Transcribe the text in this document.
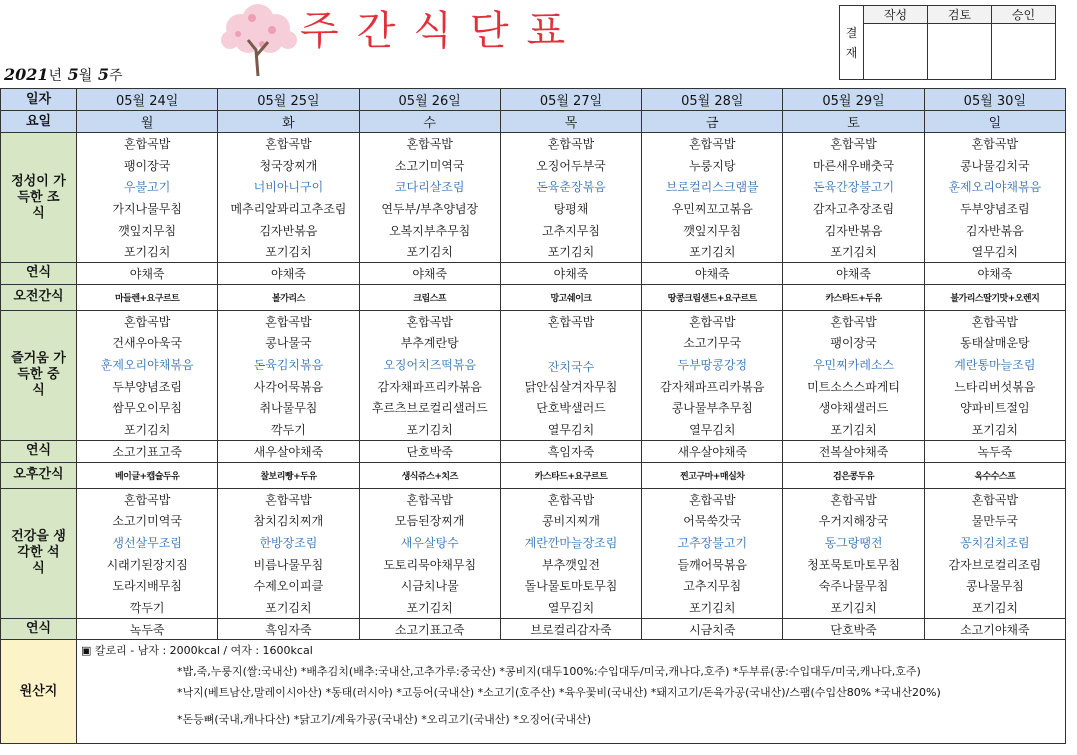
주간식단표	결 재	작성	검토	승인

2021년 5월 5주
일자	05월 24일	05월 25일	05월 26일	05월 27일	05월 28일	05월 29일	05월 30일
요일	월	화	수	목	금	토	일
정성이 가득한 조 식	혼합곡밥	혼합곡밥	혼합곡밥	혼합곡밥	혼합곡밥	혼합곡밥	혼합곡밥
	팽이장국	청국장찌개	소고기미역국	오징어두부국	누룽지탕	마른새우배춧국	콩나물김치국
	우불고기	너비아니구이	코다리살조림	돈육춘장볶음	브로컬리스크램블	돈육간장불고기	훈제오리야채볶음
	가지나물무침	메추리알꽈리고추조림	연두부/부추양념장	탕평채	우민찌꼬고볶음	감자고추장조림	두부양념조림
	깻잎지무침	김자반볶음	오복지부추무침	고추지무침	깻잎지무침	김자반볶음	김자반볶음
	포기김치	포기김치	포기김치	포기김치	포기김치	포기김치	열무김치
연식	야채죽	야채죽	야채죽	야채죽	야채죽	야채죽	야채죽
오전간식	마들렌+요구르트	볼가리스	크림스프	망고쉐이크	땅콩크림샌드+요구르트	카스타드+두유	불가리스딸기맛+오렌지
즐거움 가득한 중 식	혼합곡밥	혼합곡밥	혼합곡밥	혼합곡밥	혼합곡밥	혼합곡밥	혼합곡밥
	건새우아욱국	콩나물국	부추계란탕		소고기무국	팽이장국	동태살매운탕
	훈제오리야채볶음	돈육김치볶음	오징어치즈떡볶음	잔치국수	두부땅콩강정	우민찌카레소스	계란통마늘조림
	두부양념조림	사각어묵볶음	감자채파프리카볶음	닭안심살겨자무침	감자채파프리카볶음	미트소스스파게티	느타리버섯볶음
	쌈무오이무침	취나물무침	후르츠브로컬리샐러드	단호박샐러드	콩나물부추무침	생야채샐러드	양파비트절임
	포기김치	깍두기	포기김치	열무김치	열무김치	포기김치	포기김치
연식	소고기표고죽	새우살야채죽	단호박죽	흑임자죽	새우살야채죽	전복살야채죽	녹두죽
오후간식	베이글+캡슐두유	찰보리빵+두유	생식쥬스+치즈	카스타드+요구르트	찐고구마+매실차	검은콩두유	옥수수스프
건강을 생각한 석 식	혼합곡밥	혼합곡밥	혼합곡밥	혼합곡밥	혼합곡밥	혼합곡밥	혼합곡밥
	소고기미역국	참치김치찌개	모듬된장찌개	콩비지찌개	어묵쑥갓국	우거지해장국	물만두국
	생선살무조림	한방장조림	새우살탕수	계란깐마늘장조림	고추장불고기	동그랑땡전	꽁치김치조림
	시래기된장지짐	비름나물무침	도토리묵야채무침	부추깻잎전	들깨어묵볶음	청포묵토마토무침	감자브로컬리조림
	도라지배무침	수제오이피클	시금치나물	돌나물토마토무침	고추지무침	숙주나물무침	콩나물무침
	깍두기	포기김치	포기김치	열무김치	포기김치	포기김치	포기김치
연식	녹두죽	흑임자죽	소고기표고죽	브로컬리감자죽	시금치죽	단호박죽	소고기야채죽
원산지	▣ 칼로리 - 남자 : 2000kcal / 여자 : 1600kcal
*밥,죽,누룽지(쌀:국내산) *배추김치(배추:국내산,고추가루:중국산) *콩비지(대두100%:수입대두/미국,캐나다,호주) *두부류(콩:수입대두/미국,캐나다,호주)
*낙지(베트남산,말레이시아산) *동태(러시아) *고등어(국내산) *소고기(호주산) *육우꽃비(국내산) *돼지고기/돈육가공(국내산)/스팸(수입산80% *국내산20%)
*돈등뼈(국내,캐나다산) *닭고기/계육가공(국내산) *오리고기(국내산) *오징어(국내산)						
